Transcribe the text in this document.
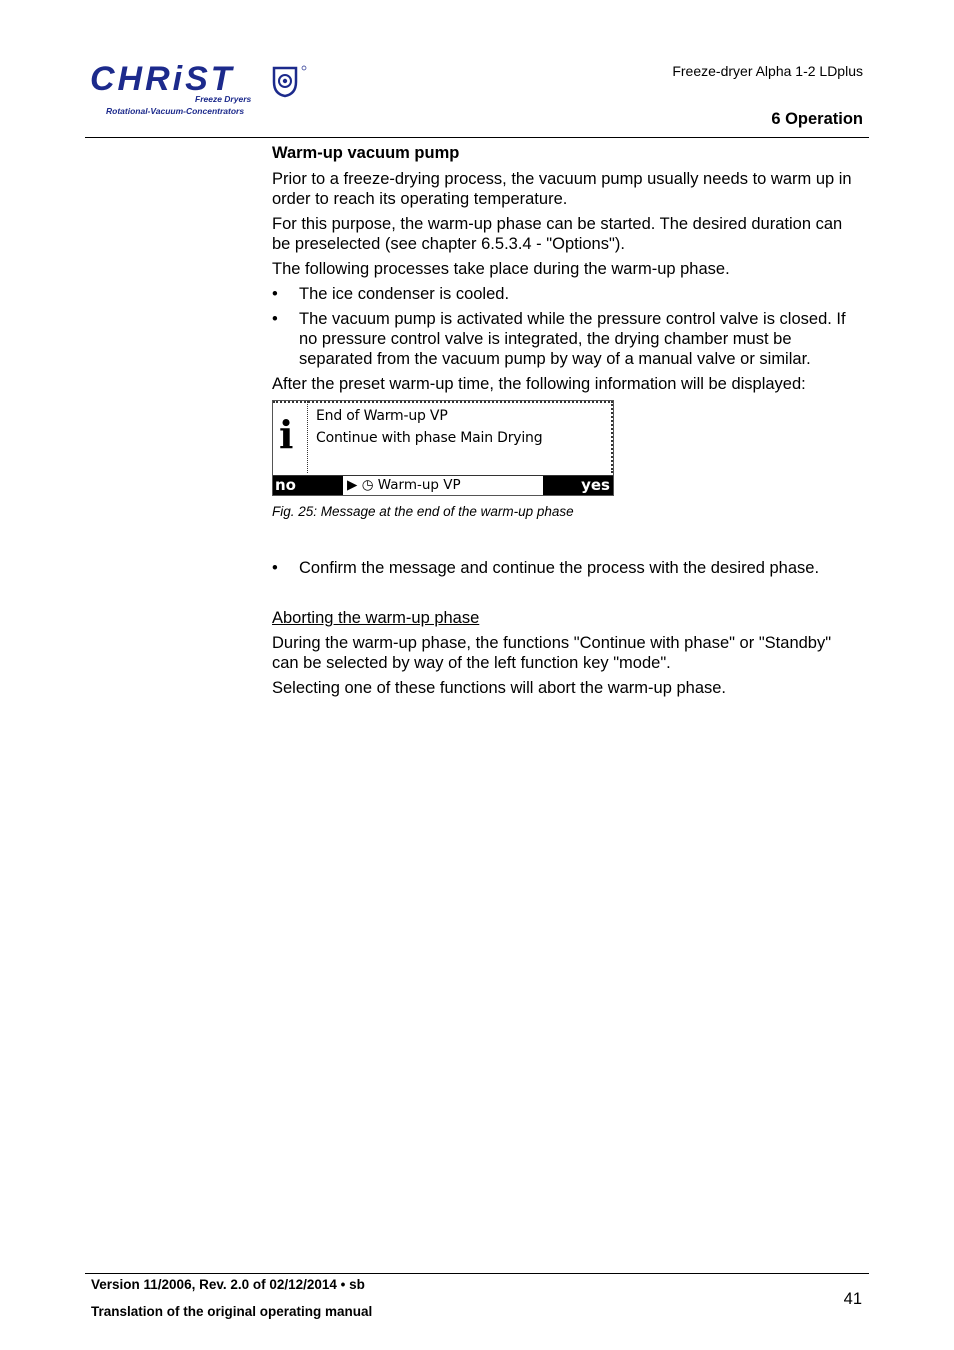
CHRiST
Freeze Dryers
Rotational-Vacuum-Concentrators
Freeze-dryer Alpha 1-2 LDplus
6 Operation
Warm-up vacuum pump

Prior to a freeze-drying process, the vacuum pump usually needs to warm up in order to reach its operating temperature.

For this purpose, the warm-up phase can be started. The desired duration can be preselected (see chapter 6.5.3.4 - "Options").

The following processes take place during the warm-up phase.

• The ice condenser is cooled.
• The vacuum pump is activated while the pressure control valve is closed. If no pressure control valve is integrated, the drying chamber must be separated from the vacuum pump by way of a manual valve or similar.

After the preset warm-up time, the following information will be displayed:

i End of Warm-up VP
Continue with phase Main Drying
no	▶ ◷ Warm-up VP	yes

Fig. 25: Message at the end of the warm-up phase

• Confirm the message and continue the process with the desired phase.

Aborting the warm-up phase

During the warm-up phase, the functions "Continue with phase" or "Standby" can be selected by way of the left function key "mode".

Selecting one of these functions will abort the warm-up phase.

Version 11/2006, Rev. 2.0 of 02/12/2014 • sb
Translation of the original operating manual
41
